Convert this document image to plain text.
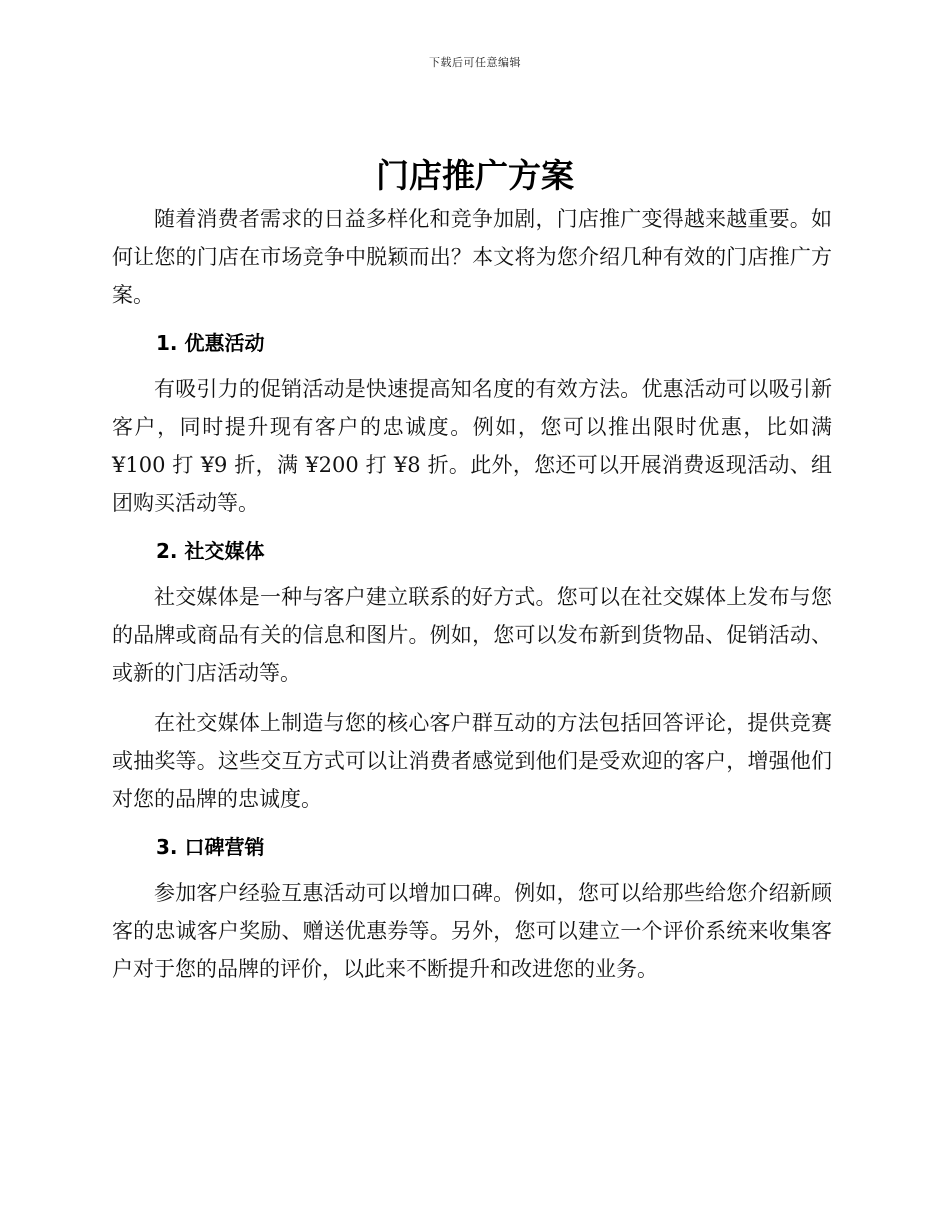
下载后可任意编辑
门店推广方案

随着消费者需求的日益多样化和竞争加剧，门店推广变得越来越重要。如何让您的门店在市场竞争中脱颖而出？本文将为您介绍几种有效的门店推广方案。

1. 优惠活动

有吸引力的促销活动是快速提高知名度的有效方法。优惠活动可以吸引新客户，同时提升现有客户的忠诚度。例如，您可以推出限时优惠，比如满¥100 打 ¥9 折，满 ¥200 打 ¥8 折。此外，您还可以开展消费返现活动、组团购买活动等。

2. 社交媒体

社交媒体是一种与客户建立联系的好方式。您可以在社交媒体上发布与您的品牌或商品有关的信息和图片。例如，您可以发布新到货物品、促销活动、或新的门店活动等。

在社交媒体上制造与您的核心客户群互动的方法包括回答评论，提供竞赛或抽奖等。这些交互方式可以让消费者感觉到他们是受欢迎的客户，增强他们对您的品牌的忠诚度。

3. 口碑营销

参加客户经验互惠活动可以增加口碑。例如，您可以给那些给您介绍新顾客的忠诚客户奖励、赠送优惠券等。另外，您可以建立一个评价系统来收集客户对于您的品牌的评价，以此来不断提升和改进您的业务。
